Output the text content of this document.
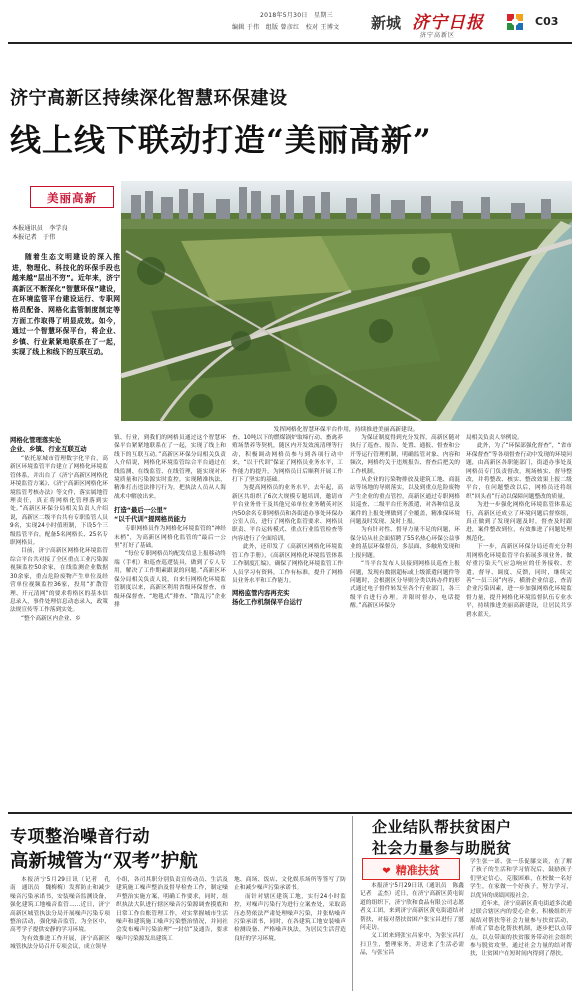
2018年5月30日　星期三
编辑 于伟　组版 曾彦红　校对 王博文 新城 济宁日报
济宁高新区
C03
济宁高新区持续深化智慧环保建设
线上线下联动打造“美丽高新”
美丽高新
本报通讯员　李学良
本报记者　于伟
随着生态文明建设的深入推进，物理化、科技化的环保手段也越来越“层出不穷”。近年来，济宁高新区不断深化“智慧环保”建设，在环境监管平台建设运行、专职网格员配备、网格化监管制度制定等方面工作取得了明显成效。如今，通过一个智慧环保平台，将企业、乡镇、行业紧紧地联系在了一起，实现了线上和线下的互联互动。
发挥网格化智慧环保平台作用，持续推进美丽高新建设。
网格化管理落实处
企业、乡镇、行业互联互动

“依托原城市管理数字化平台，高新区环境监管平台建立了网格化环境监管体系，并出台了《济宁高新区网格化环境监管方案》、《济宁高新区网格化环境监管考核办法》等文件，落实属地管理责任，真正将网格化管理落到实处。”高新区环保分局相关负责人介绍说，高新区二级平台共有专职监管人员9名，实现24小时值班制，下设5个三级监管平台，配备5名网格长、25名专职网格员。

目前，济宁高新区网格化环境监管综合平台共对接了全区重点工业污染源视频监控50余家，在线监测企业数据30余家，重点危险废物产生单位及经营单位视频监控36家，投用“扩散管理、开元清网”的要求将格区的基本信息录入，事件处理信息动态录入，政策法规宣传等工作落到实处。

“整个高新区内企业、乡

镇、行业，到我们的网格员通过这个智慧环保平台紧紧地联系在了一起，实现了线上和线下的互联互动。”高新区环保分局相关负责人介绍说，网格化环境监管综合平台通过在线监测、在线监管、在线管理，能实现对环境质量和污染源实时监控，实现精准执法，精准打击违法排污行为，把执法人员从人海战术中解放出来。

打造“最后一公里”
“以千代训”提网格员能力

专职网格员作为网格化环境监管的“神经末梢”，为高新区网格化监管的“最后一公里”打好了基础。

“每位专职网格员均配发信息上报移动终端（手机）和巡查巡逻装具，做到了专人专用，解决了工作期素跟说的问题。”高新区环保分局相关负责人说，自来行网格化环境监管制度以来，高新区利用省级环保督查、市级环保督查、“地毯式”排查、“散乱污”企业排

查、10吨以下的燃煤锅炉取缔行动、畜禽养殖场禁养等契机，随区内开发效流清理等行动，积极调动网格员参与到各项行动中来，“以干代训”保证了网格员业务水平，工作能力的提升，为网格员日后顺利开展工作打下了坚实的基础。

为提高网格员的业务水平，去年起，高新区共组织了6次大规模专题培训，邀请市平台业务骨干及其他兄弟单位业务精英对区内50余名专职网格员和各街道办事处环保办公室人员，进行了网格化监管要求、网格员职责、平台运转模式、重点行业监管检查等内容进行了全面培训。

此外，还印发了《高新区网格化环境监管工作手册》，《高新区网格化环境监管体系工作制度汇编》，确保了网格化环境监管工作人员学习有资料，工作有标准，提升了网格员业务水平和工作能力。

网格监管内容再充实
扬化工作机制保平台运行

为保证制度得到充分发挥，高新区随对执行了巡查、报告、处置、通报、督查和公开等运行管理机制，明确监管对象、内容和频次，网格约关于违规报告、督查后把关的工作机制。

从企业的污染物排放及建筑工地、商混站等场地的导则落实，以及到重点危险废物产生企业的重点管控，高新区通过专职网格员巡查、二级平台任务派遣，对各种信息及案件的上报处理做到了全覆盖，精准保环境问题及时发现、及时上报。

为有针对性、督导力量不足的问题，环保分局从社会面招聘了55名热心环保公益事业的基层环保督员，多层面、多触角发现和上报问题。

“当平台发布人员接到网格员巡查上报问题，发现有数据超标或上级派遣问题件等问题时，会根据区分导则分类以转办件的形式通过电子督件转发至各个行业部门，各三级平台进行办理。并限时督办，电话提醒。”高新区环保分

局相关负责人举例说。

此外，为了“环保部强化督查”，“省市环保督查”等各项督查行动中发现的环境问题，由高新区各职能部门，街道办事处及网格员专门负责督改，现场核实、督导整改，并将整改、核实、整改效果上报二级平台，在问题整改以后，网格员还将组织“回头看”行动以保障问题整改的质量。

为进一步强化网格化环境监管体系运行，高新区还成立了环境问题后督察组，真正做到了发现问题及时，督查及时跟进，案件整改到位，有效推进了问题处理规范化。

下一步，高新区环保分局还将充分利用网格化环境监管平台拓展多项业务，做好重污染天气应急响应的任务接收、差遣，督导、调度、反馈，同时，继续完善“一员三岗”内容，横滑企业信息，查清企业污染因素，进一步加强网格化环境监督力量，提升网格化环境监督队伍专业水平，持续推进美丽高新建设，让居民共享碧水蓝天。

专项整治噪音行动
高新城管为“双考”护航

本报济宁5月29日讯（记者　孔　南　通讯员　魏梅梅）发挥防止和减少噪音污染承诺书，安装噪音监测设备，强化建筑工地噪音监管……近日，济宁高新区城管执法分局开展噪声污染专项整治活动，强化噪音监管，为全区中、高考学子提供安静的学习环境。

为有效推进工作开展，济宁高新区城管执法分局召开专项会议，成立领导

小组，各司其职分别负责宣传动员、生活及建筑施工噪声整治及督导检查工作，制定噪声整治实施方案，明确工作要求，同时，组织执法大队进行辖区噪音污染源调查摸底和日常工作台账管理工作，对实掌握城市生活噪声和建筑施工噪声污染整治情况，并同社会发布噪声污染治理“一封信”及通告，要求噪声污染源发出建筑工

地、商场、饭店、文化娱乐场所等签写了防止和减少噪声污染承诺书。

而针对辖区建筑工地，实行24小时监控，对噪声污染行为进行立案查处，采取高压态势依法严肃处理噪声污染，并张贴噪声污染承诺书，同时，在各建筑工地安装噪声检测设备、严格噪声执法，为居民生活营造良好的学习环境。

企业结队帮扶贫困户
社会力量参与助脱贫
❤ 精准扶贫

本报济宁5月29日讯（通讯员　陈鑫　记者　孟杰）近日，在济宁高新区黄屯街道的组织下，济宁欣和食品有限公司志愿者义工团，来到济宁高新区黄屯街道结对帮扶，对接对帮扶贫困户张宝昌进行了慰问走访。

义工团来到张宝昌家中，为张宝昌打扫卫生，整理家务，并送来了生活必需品，与张宝昌

学生张一诺、张一乐促膝交谈，在了解了孩子的生活和学习情况后，鼓励孩子们坚定信心，克服困难，在校做一名好学生，在家做一个好孩子，努力学习，以优异的成绩回报社会。

近年来，济宁高新区黄屯街道多次通过联合辖区内的爱心企业，积极组织开展结对帮扶等社会力量参与扶贫活动，形成了常态化帮扶机制，逐步把以点带点，以点带面的扶贫服务带动社会组织参与脱贫攻坚，通过社会力量的结对帮扶，让贫困户在短时间内得到了帮扶。
